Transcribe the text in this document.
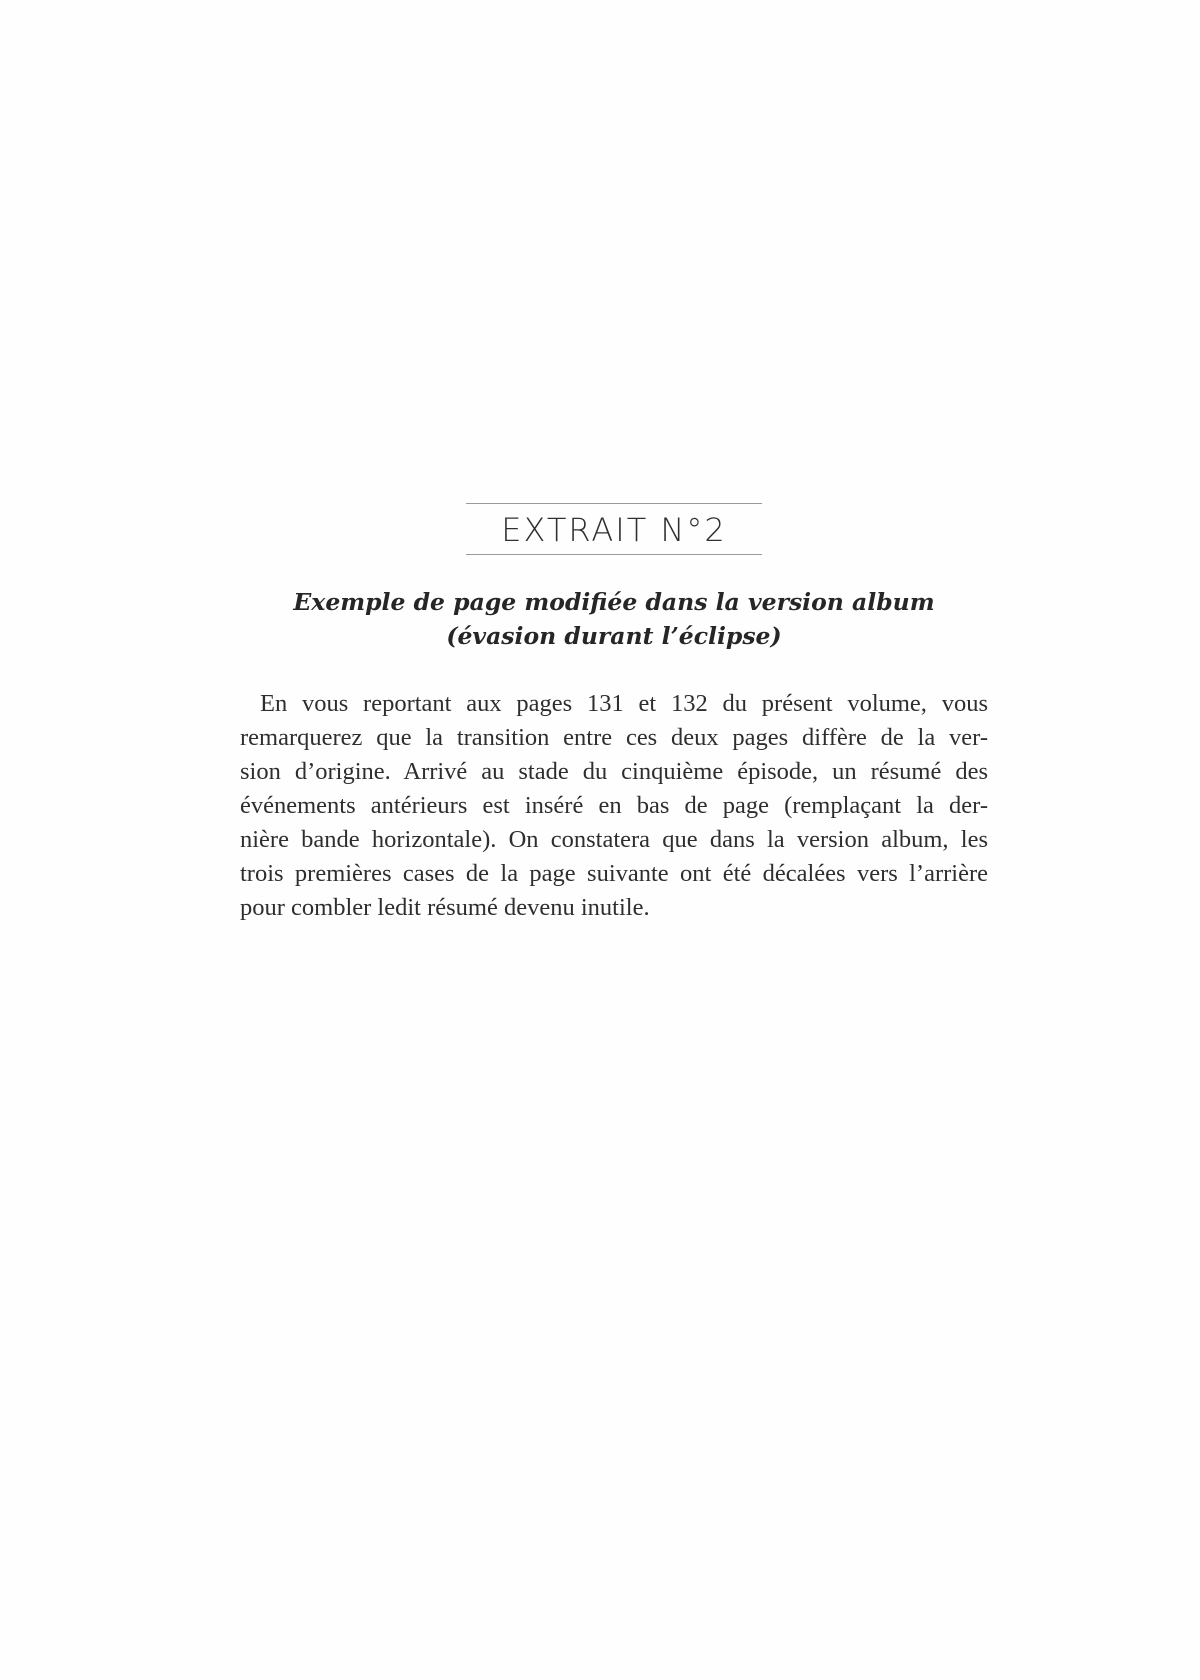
EXTRAIT N°2
Exemple de page modifiée dans la version album
(évasion durant l’éclipse)
En vous reportant aux pages 131 et 132 du présent volume, vous
remarquerez que la transition entre ces deux pages diffère de la ver-
sion d’origine. Arrivé au stade du cinquième épisode, un résumé des
événements antérieurs est inséré en bas de page (remplaçant la der-
nière bande horizontale). On constatera que dans la version album, les
trois premières cases de la page suivante ont été décalées vers l’arrière
pour combler ledit résumé devenu inutile.
